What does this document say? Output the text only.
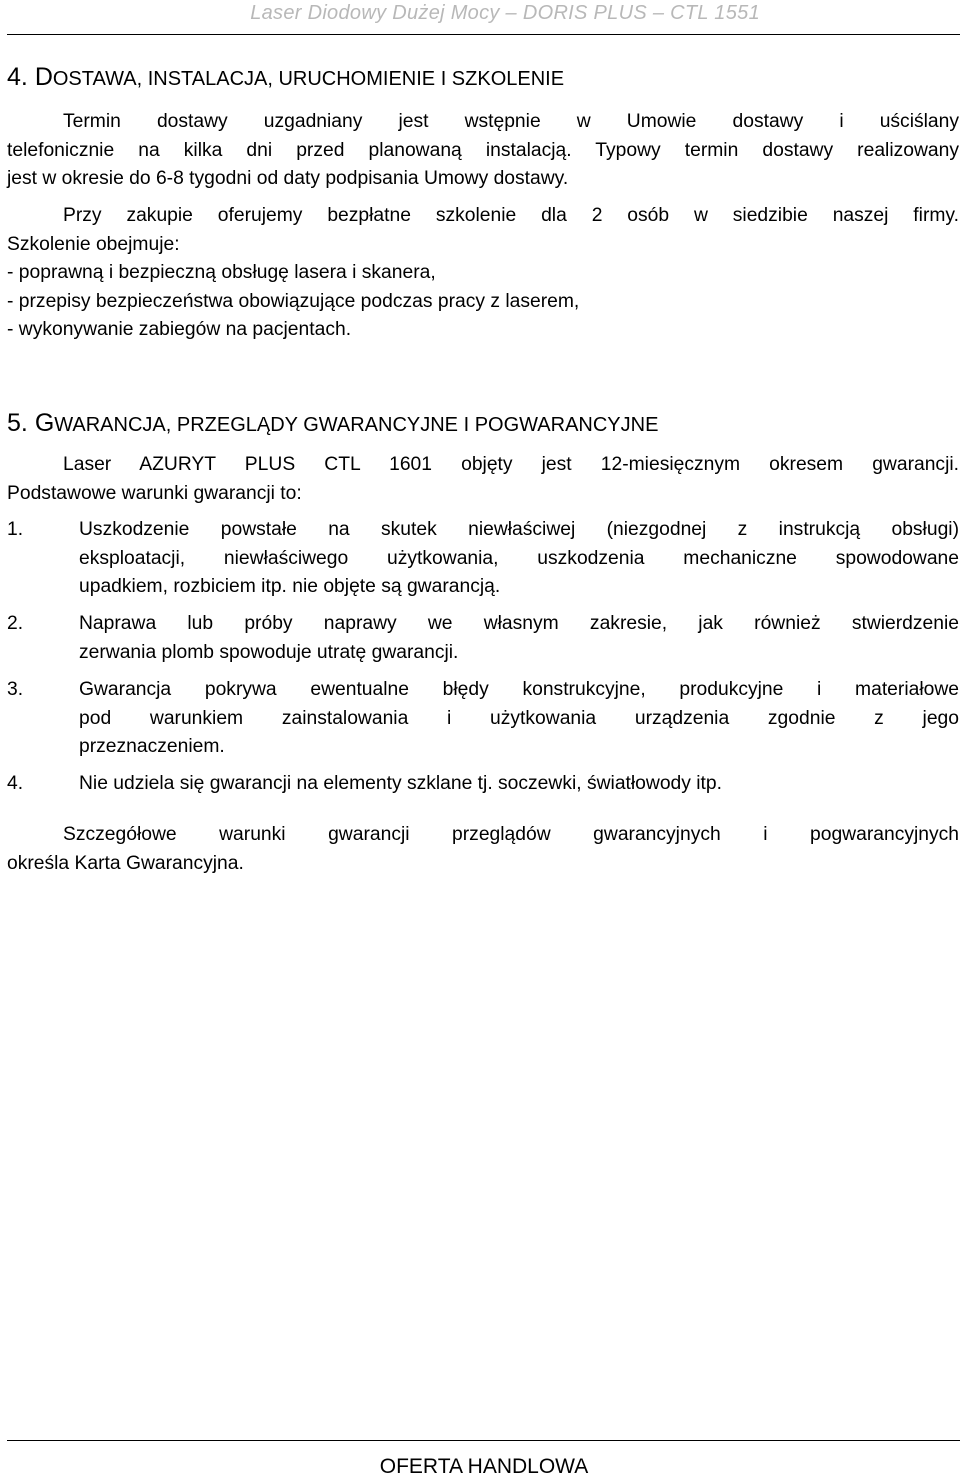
Laser Diodowy Dużej Mocy – DORIS PLUS – CTL 1551
4. DOSTAWA, INSTALACJA, URUCHOMIENIE I SZKOLENIE
Termin dostawy uzgadniany jest wstępnie w Umowie dostawy i uściślany
telefonicznie na kilka dni przed planowaną instalacją. Typowy termin dostawy realizowany
jest w okresie do 6-8 tygodni od daty podpisania Umowy dostawy.
Przy zakupie oferujemy bezpłatne szkolenie dla 2 osób w siedzibie naszej firmy.
Szkolenie obejmuje:
- poprawną i bezpieczną obsługę lasera i skanera,
- przepisy bezpieczeństwa obowiązujące podczas pracy z laserem,
- wykonywanie zabiegów na pacjentach.
5. GWARANCJA, PRZEGLĄDY GWARANCYJNE I POGWARANCYJNE
Laser AZURYT PLUS CTL 1601 objęty jest 12-miesięcznym okresem gwarancji.
Podstawowe warunki gwarancji to:
1.	Uszkodzenie powstałe na skutek niewłaściwej (niezgodnej z instrukcją obsługi)
eksploatacji, niewłaściwego użytkowania, uszkodzenia mechaniczne spowodowane
upadkiem, rozbiciem itp. nie objęte są gwarancją.
2.	Naprawa lub próby naprawy we własnym zakresie, jak również stwierdzenie
zerwania plomb spowoduje utratę gwarancji.
3.	Gwarancja pokrywa ewentualne błędy konstrukcyjne, produkcyjne i materiałowe
pod warunkiem zainstalowania i użytkowania urządzenia zgodnie z jego
przeznaczeniem.
4.	Nie udziela się gwarancji na elementy szklane tj. soczewki, światłowody itp.
Szczegółowe warunki gwarancji przeglądów gwarancyjnych i pogwarancyjnych
określa Karta Gwarancyjna.
OFERTA HANDLOWA
